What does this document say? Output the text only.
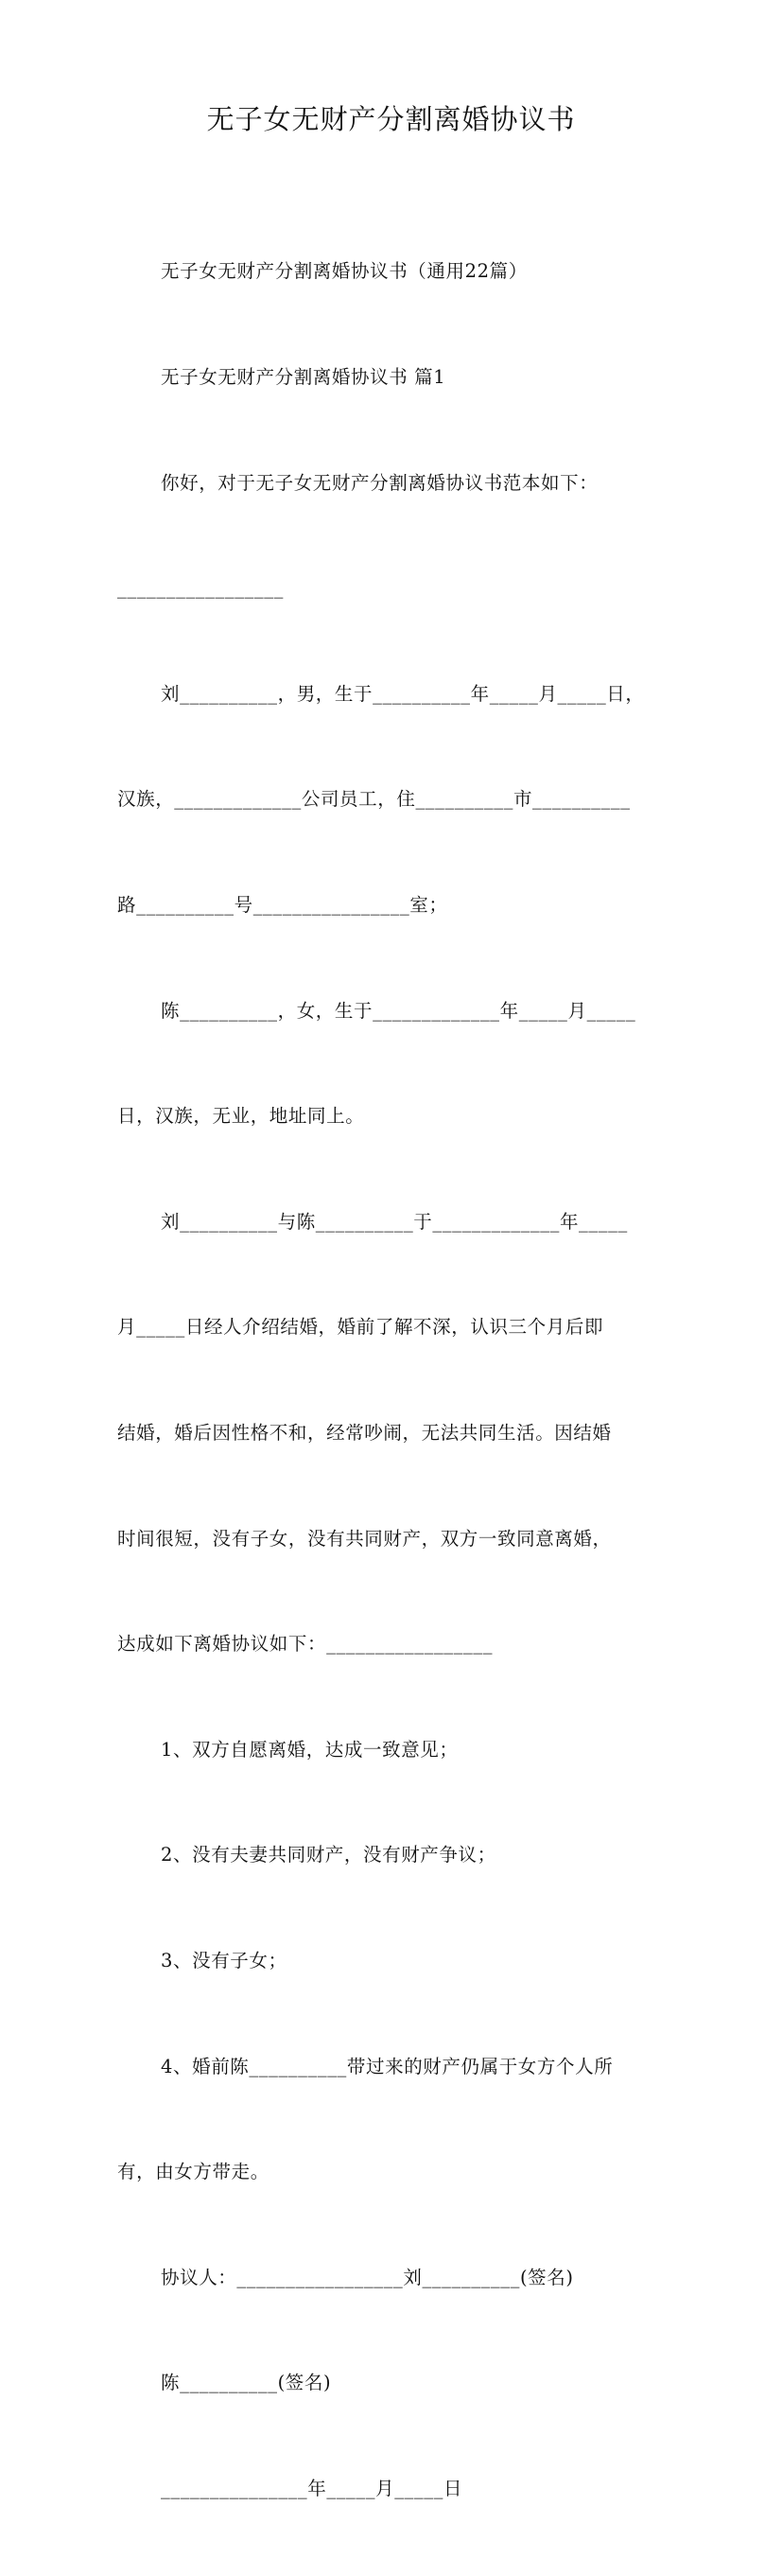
无子女无财产分割离婚协议书

无子女无财产分割离婚协议书（通用22篇）

无子女无财产分割离婚协议书 篇1

你好，对于无子女无财产分割离婚协议书范本如下：

_________________

刘__________，男，生于__________年_____月_____日，

汉族，_____________公司员工，住__________市__________

路__________号________________室；

陈__________，女，生于_____________年_____月_____

日，汉族，无业，地址同上。

刘__________与陈__________于_____________年_____

月_____日经人介绍结婚，婚前了解不深，认识三个月后即

结婚，婚后因性格不和，经常吵闹，无法共同生活。因结婚

时间很短，没有子女，没有共同财产，双方一致同意离婚，

达成如下离婚协议如下：_________________

1、双方自愿离婚，达成一致意见；

2、没有夫妻共同财产，没有财产争议；

3、没有子女；

4、婚前陈__________带过来的财产仍属于女方个人所

有，由女方带走。

协议人：_________________刘__________(签名)

陈__________(签名)

_______________年_____月_____日
